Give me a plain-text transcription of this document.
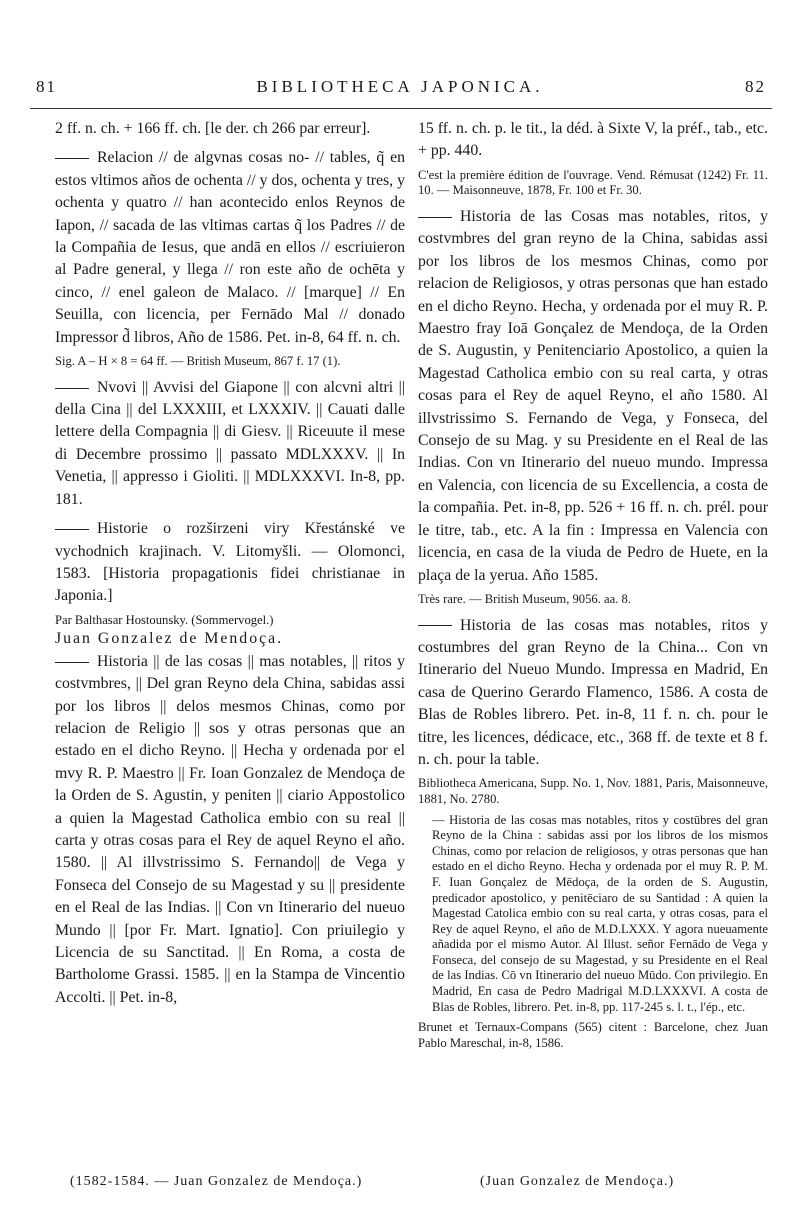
81	BIBLIOTHECA JAPONICA.	82

2 ff. n. ch. + 166 ff. ch. [le der. ch 266 par erreur].

Relacion // de algvnas cosas no- // tables, q̃ en estos vltimos años de ochenta // y dos, ochenta y tres, y ochenta y quatro // han acontecido enlos Reynos de Iapon, // sacada de las vltimas cartas q̃ los Padres // de la Compañia de Iesus, que andā en ellos // escriuieron al Padre general, y llega // ron este año de ochēta y cinco, // enel galeon de Malaco. // [marque] // En Seuilla, con licencia, per Fernādo Mal // donado Impressor d̃ libros, Año de 1586. Pet. in-8, 64 ff. n. ch.

Sig. A – H × 8 = 64 ff. — British Museum, 867 f. 17 (1).

Nvovi || Avvisi del Giapone || con alcvni altri || della Cina || del LXXXIII, et LXXXIV. || Cauati dalle lettere della Compagnia || di Giesv. || Riceuute il mese di Decembre prossimo || passato MDLXXXV. || In Venetia, || appresso i Gioliti. || MDLXXXVI. In-8, pp. 181.

Historie o rozširzeni viry Křestánské ve vychodnich krajinach. V. Litomyšli. — Olomonci, 1583. [Historia propagationis fidei christianae in Japonia.]

Par Balthasar Hostounsky. (Sommervogel.)

Juan Gonzalez de Mendoça.

Historia || de las cosas || mas notables, || ritos y costvmbres, || Del gran Reyno dela China, sabidas assi por los libros || delos mesmos Chinas, como por relacion de Religio || sos y otras personas que an estado en el dicho Reyno. || Hecha y ordenada por el mvy R. P. Maestro || Fr. Ioan Gonzalez de Mendoça de la Orden de S. Agustin, y peniten || ciario Appostolico a quien la Magestad Catholica embio con su real || carta y otras cosas para el Rey de aquel Reyno el año. 1580. || Al illvstrissimo S. Fernando|| de Vega y Fonseca del Consejo de su Magestad y su || presidente en el Real de las Indias. || Con vn Itinerario del nueuo Mundo || [por Fr. Mart. Ignatio]. Con priuilegio y Licencia de su Sanctitad. || En Roma, a costa de Bartholome Grassi. 1585. || en la Stampa de Vincentio Accolti. || Pet. in-8,

15 ff. n. ch. p. le tit., la déd. à Sixte V, la préf., tab., etc. + pp. 440.

C'est la première édition de l'ouvrage. Vend. Rémusat (1242) Fr. 11. 10. — Maisonneuve, 1878, Fr. 100 et Fr. 30.

Historia de las Cosas mas notables, ritos, y costvmbres del gran reyno de la China, sabidas assi por los libros de los mesmos Chinas, como por relacion de Religiosos, y otras personas que han estado en el dicho Reyno. Hecha, y ordenada por el muy R. P. Maestro fray Ioā Gonçalez de Mendoça, de la Orden de S. Augustin, y Penitenciario Apostolico, a quien la Magestad Catholica embio con su real carta, y otras cosas para el Rey de aquel Reyno, el año 1580. Al illvstrissimo S. Fernando de Vega, y Fonseca, del Consejo de su Mag. y su Presidente en el Real de las Indias. Con vn Itinerario del nueuo mundo. Impressa en Valencia, con licencia de su Excellencia, a costa de la compañia. Pet. in-8, pp. 526 + 16 ff. n. ch. prél. pour le titre, tab., etc. A la fin : Impressa en Valencia con licencia, en casa de la viuda de Pedro de Huete, en la plaça de la yerua. Año 1585.

Très rare. — British Museum, 9056. aa. 8.

Historia de las cosas mas notables, ritos y costumbres del gran Reyno de la China... Con vn Itinerario del Nueuo Mundo. Impressa en Madrid, En casa de Querino Gerardo Flamenco, 1586. A costa de Blas de Robles librero. Pet. in-8, 11 f. n. ch. pour le titre, les licences, dédicace, etc., 368 ff. de texte et 8 f. n. ch. pour la table.

Bibliotheca Americana, Supp. No. 1, Nov. 1881, Paris, Maisonneuve, 1881, No. 2780.

— Historia de las cosas mas notables, ritos y costūbres del gran Reyno de la China : sabidas assi por los libros de los mismos Chinas, como por relacion de religiosos, y otras personas que han estado en el dicho Reyno. Hecha y ordenada por el muy R. P. M. F. Iuan Gonçalez de Mēdoça, de la orden de S. Augustin, predicador apostolico, y penitēciaro de su Santidad : A quien la Magestad Catolica embio con su real carta, y otras cosas, para el Rey de aquel Reyno, el año de M.D.LXXX. Y agora nueuamente añadida por el mismo Autor. Al Illust. señor Fernādo de Vega y Fonseca, del consejo de su Magestad, y su Presidente en el Real de las Indias. Cō vn Itinerario del nueuo Mūdo. Con privilegio. En Madrid, En casa de Pedro Madrigal M.D.LXXXVI. A costa de Blas de Robles, librero. Pet. in-8, pp. 117-245 s. l. t., l'ép., etc.

Brunet et Ternaux-Compans (565) citent : Barcelone, chez Juan Pablo Mareschal, in-8, 1586.

(1582-1584. — Juan Gonzalez de Mendoça.)	(Juan Gonzalez de Mendoça.)
